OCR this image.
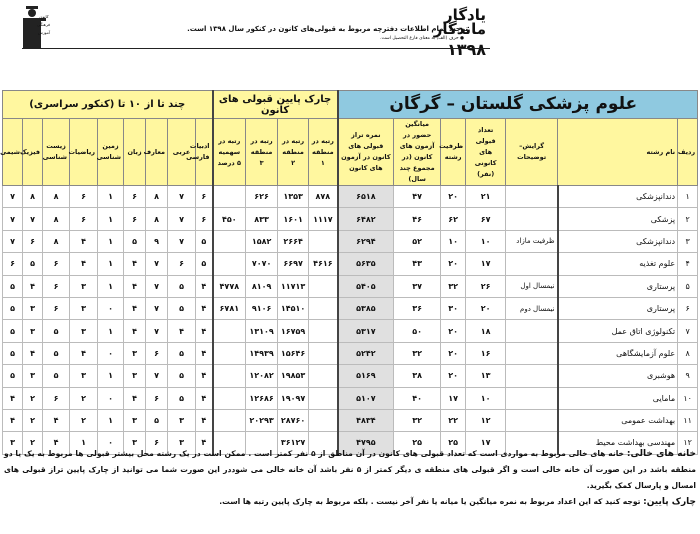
یادگار ماندگار
۱۳۹۸
توجه: تمام اطلاعات دفترچه مربوط به قبولی‌های کانون در کنکور سال ۱۳۹۸ است.
● حرف (الف) به معنای فارغ التحصیل است.
کانون فرهنگی آموزش
علوم پزشکی گلستان – گرگان							چارک پایین قبولی های کانون				چند تا از ۱۰ تا (کنکور سراسری)								
ردیف	نام رشته	گرایش–توضیحات	تعداد قبولی های کانونی (نفر)	ظرفیت رشته	میانگین حضور در آزمون های کانون (در مجموع چند سال)	نمره تراز قبولی های کانون در آزمون های کانون	رتبه در منطقه ۱	رتبه در منطقه ۲	رتبه در منطقه ۳	رتبه در سهمیه ۵ درصد	ادبیات فارسی	عربی	معارف	زبان	زمین شناسی	ریاضیات	زیست شناسی	فیزیک	شیمی
۱	دندانپزشکی		۲۱	۲۰	۴۷	۶۵۱۸	۸۷۸	۱۳۵۳	۶۲۶		۶	۷	۸	۶	۱	۶	۸	۸	۷
۲	پزشکی		۶۷	۶۲	۴۶	۶۴۸۲	۱۱۱۷	۱۶۰۱	۸۳۳	۴۵۰	۶	۷	۸	۶	۱	۶	۸	۷	۷
۳	دندانپزشکی	ظرفیت مازاد	۱۰	۱۰	۵۲	۶۲۹۴		۲۶۶۴	۱۵۸۲		۵	۷	۹	۵	۱	۴	۸	۶	۷
۴	علوم تغذیه		۱۷	۲۰	۴۳	۵۶۳۵	۴۶۱۶	۶۶۹۷	۷۰۷۰		۵	۶	۷	۴	۱	۴	۶	۵	۶
۵	پرستاری	نیمسال اول	۲۶	۳۲	۳۷	۵۴۰۵		۱۱۷۱۳	۸۱۰۹	۴۷۷۸	۴	۵	۷	۴	۱	۳	۶	۴	۵
۶	پرستاری	نیمسال دوم	۲۰	۳۰	۳۶	۵۳۸۵		۱۴۵۱۰	۹۱۰۶	۶۷۸۱	۴	۵	۷	۴	۰	۳	۶	۳	۵
۷	تکنولوژی اتاق عمل		۱۸	۲۰	۵۰	۵۳۱۷		۱۶۷۵۹	۱۳۱۰۹		۴	۴	۷	۴	۱	۳	۵	۳	۵
۸	علوم آزمایشگاهی		۱۶	۲۰	۳۲	۵۲۴۲		۱۵۶۴۶	۱۴۹۳۹		۴	۵	۶	۳	۰	۴	۵	۴	۵
۹	هوشبری		۱۳	۲۰	۳۸	۵۱۶۹		۱۹۸۵۳	۱۲۰۸۲		۴	۵	۷	۳	۱	۳	۵	۳	۵
۱۰	مامایی		۱۰	۱۷	۴۰	۵۱۰۷		۱۹۰۹۷	۱۲۶۸۶		۴	۵	۶	۴	۰	۲	۶	۲	۴
۱۱	بهداشت عمومی		۱۲	۲۲	۳۲	۴۸۳۴		۲۸۷۶۰	۲۰۲۹۳		۴	۳	۵	۳	۱	۲	۴	۲	۴
۱۲	مهندسی بهداشت محیط		۱۷	۲۵	۲۵	۴۷۹۵		۳۶۱۲۷			۴	۳	۶	۳	۰	۱	۴	۲	۳

خانه های خالی: خانه های خالی مربوط به مواردی است که تعداد قبولی های کانون در آن مناطق از ۵ نفر کمتر است . ممکن است در یک رشته محل بیشتر قبولی ها مربوط به یک یا دو منطقه باشد در این صورت آن خانه خالی است و اگر قبولی های منطقه ی دیگر کمتر از ۵ نفر باشد آن خانه خالی می شوددر این صورت شما می توانید از چارک پایین تراز قبولی های امسال و پارسال کمک بگیرید.

چارک پایین: توجه کنید که این اعداد مربوط به نمره میانگین یا میانه یا نفر آخر نیست . بلکه مربوط به چارک پایین رتبه ها است.
